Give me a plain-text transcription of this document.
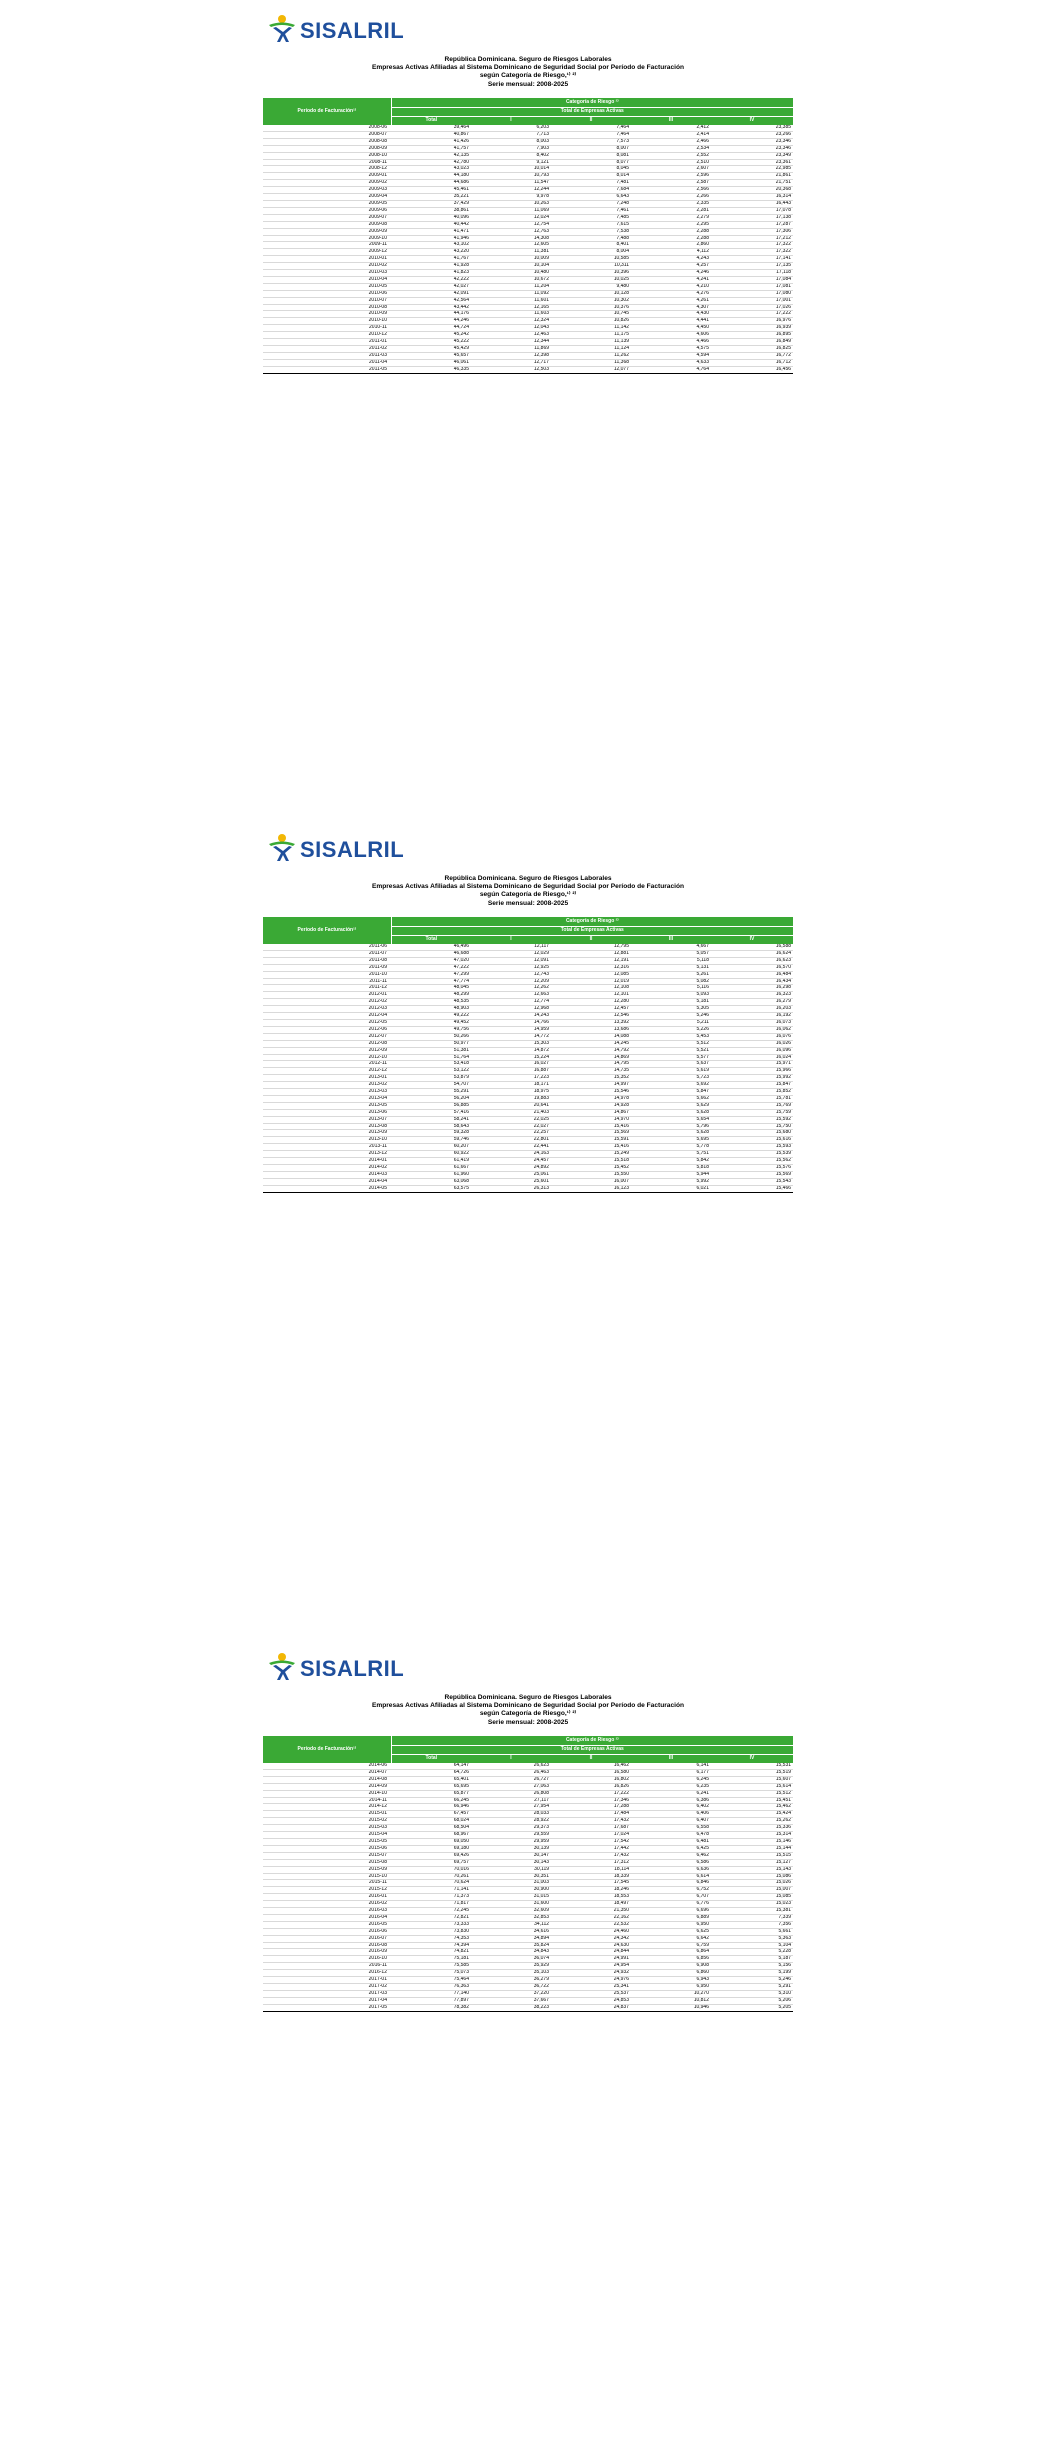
SISALRIL
República Dominicana. Seguro de Riesgos Laborales
Empresas Activas Afiliadas al Sistema Dominicano de Seguridad Social por Período de Facturación
según Categoría de Riesgo,¹⁾ ²⁾
Serie mensual: 2008-2025
Período de Facturación¹⁾	Categoría de Riesgo ²⁾				
	Total de Empresas Activas				
	Total	I	II	III	IV
2008-06	39,464	6,203	7,464	2,412	23,385
2008-07	40,867	7,713	7,464	2,414	23,266
2008-08	41,426	8,003	7,573	2,466	23,346
2008-09	41,757	7,903	8,007	2,534	23,346
2008-10	42,135	8,402	8,081	2,552	23,349
2008-11	42,780	9,121	8,077	2,510	23,361
2008-12	43,023	10,014	8,045	2,607	22,985
2009-01	44,180	10,793	8,014	2,596	21,861
2009-02	44,686	11,547	7,481	2,587	21,751
2009-03	45,461	12,244	7,684	2,566	20,368
2009-04	35,221	9,978	6,643	2,266	16,314
2009-05	37,429	10,263	7,248	2,335	16,443
2009-06	38,861	11,069	7,461	2,281	17,078
2009-07	40,096	12,024	7,485	2,279	17,138
2009-08	40,442	12,754	7,615	2,295	17,287
2009-09	41,471	12,763	7,538	2,288	17,306
2009-10	41,946	14,308	7,488	2,288	17,212
2009-11	43,102	12,605	8,401	2,860	17,322
2009-12	43,220	11,381	8,004	4,112	17,322
2010-01	41,767	10,009	10,585	4,243	17,141
2010-02	41,928	10,104	10,311	4,257	17,135
2010-03	41,823	10,480	10,396	4,246	17,118
2010-04	42,222	10,672	10,025	4,241	17,084
2010-05	42,027	11,204	9,480	4,210	17,081
2010-06	42,091	11,092	10,128	4,276	17,080
2010-07	42,564	11,601	10,302	4,261	17,001
2010-08	43,442	12,165	10,376	4,307	17,026
2010-09	44,176	11,603	10,745	4,430	17,222
2010-10	44,246	12,324	10,826	4,441	16,976
2010-11	44,724	12,043	11,142	4,450	16,939
2010-12	45,242	12,463	11,175	4,606	16,895
2011-01	45,222	12,344	11,139	4,466	16,849
2011-02	45,429	11,869	11,124	4,575	16,825
2011-03	45,657	12,398	11,262	4,594	16,772
2011-04	46,061	12,717	11,368	4,633	16,712
2011-05	46,335	12,503	12,077	4,764	16,456
SISALRIL
República Dominicana. Seguro de Riesgos Laborales
Empresas Activas Afiliadas al Sistema Dominicano de Seguridad Social por Período de Facturación
según Categoría de Riesgo,¹⁾ ²⁾
Serie mensual: 2008-2025
Período de Facturación¹⁾	Categoría de Riesgo ²⁾				
	Total de Empresas Activas				
	Total	I	II	III	IV
2011-06	46,496	12,117	12,795	4,667	16,588
2011-07	46,688	12,029	12,881	5,057	16,624
2011-08	47,020	12,091	12,191	5,118	16,623
2011-09	47,222	12,925	12,316	5,131	16,570
2011-10	47,299	12,743	12,085	5,261	16,484
2011-11	47,774	12,209	12,019	5,082	16,434
2011-12	48,045	12,262	12,108	5,116	16,298
2012-01	48,299	12,663	12,101	5,093	16,323
2012-02	48,535	12,774	12,280	5,181	16,279
2012-03	48,903	12,968	12,457	5,305	16,203
2012-04	49,222	14,243	12,546	5,246	16,192
2012-05	49,452	14,766	13,392	5,211	16,073
2012-06	49,756	14,959	13,686	5,226	16,062
2012-07	50,266	14,772	14,088	5,453	16,076
2012-08	50,977	15,303	14,245	5,512	16,026
2012-09	51,381	14,872	14,792	5,521	16,096
2012-10	51,764	15,224	14,869	5,577	16,024
2012-11	53,418	16,027	14,795	5,637	15,971
2012-12	53,122	16,887	14,735	5,619	15,966
2013-01	53,879	17,223	15,352	5,723	15,992
2013-02	54,707	18,171	14,997	5,692	15,847
2013-03	55,291	18,975	15,546	5,847	15,852
2013-04	56,204	19,883	14,978	5,662	15,781
2013-05	56,885	20,641	14,928	5,629	15,769
2013-06	57,416	21,403	14,867	5,628	15,759
2013-07	58,241	22,025	14,970	5,654	15,592
2013-08	58,643	22,027	15,416	5,796	15,750
2013-09	59,328	22,257	15,569	5,628	15,680
2013-10	59,746	22,801	15,591	5,695	15,616
2013-11	60,207	22,441	15,416	5,778	15,593
2013-12	60,922	24,163	15,249	5,751	15,539
2014-01	61,419	24,457	15,518	5,842	15,562
2014-02	61,667	24,892	15,452	5,818	15,576
2014-03	61,960	25,061	15,550	5,944	15,569
2014-04	63,068	25,601	16,007	5,992	15,543
2014-05	63,575	26,313	16,123	6,021	15,466
SISALRIL
República Dominicana. Seguro de Riesgos Laborales
Empresas Activas Afiliadas al Sistema Dominicano de Seguridad Social por Período de Facturación
según Categoría de Riesgo,¹⁾ ²⁾
Serie mensual: 2008-2025
Período de Facturación¹⁾	Categoría de Riesgo ²⁾				
	Total de Empresas Activas				
	Total	I	II	III	IV
2014-06	64,147	26,623	16,462	6,141	15,531
2014-07	64,726	26,463	16,580	6,177	15,519
2014-08	65,401	26,727	16,802	6,245	15,607
2014-09	65,695	27,063	16,826	6,235	15,614
2014-10	65,877	26,808	17,222	6,241	15,512
2014-11	66,245	27,117	17,346	6,386	15,451
2014-12	66,946	27,954	17,288	6,402	15,462
2015-01	67,457	28,033	17,484	6,406	15,424
2015-02	68,024	28,922	17,432	6,407	15,262
2015-03	68,504	29,373	17,687	6,558	15,336
2015-04	68,967	29,559	17,024	6,478	15,314
2015-05	69,050	29,959	17,542	6,481	15,146
2015-06	69,180	30,139	17,442	6,425	15,144
2015-07	69,426	30,147	17,432	6,462	15,515
2015-08	69,757	30,143	17,312	6,586	15,127
2015-09	70,016	30,119	18,114	6,636	15,143
2015-10	70,261	30,351	18,339	6,614	15,086
2015-11	70,624	31,003	17,545	6,846	15,026
2015-12	71,141	30,900	18,246	6,752	15,007
2016-01	71,373	31,015	18,553	6,707	15,085
2016-02	71,817	31,600	18,497	6,776	15,023
2016-03	72,245	32,609	21,350	6,696	15,381
2016-04	72,821	32,853	22,162	6,889	7,339
2016-05	73,333	34,112	22,532	6,950	7,356
2016-06	73,830	34,616	24,460	6,625	5,661
2016-07	74,353	34,894	24,342	6,642	5,363
2016-08	74,394	35,824	24,630	6,759	5,104
2016-09	74,821	34,843	24,844	6,864	5,228
2016-10	75,181	36,074	24,991	6,856	5,187
2016-11	75,585	35,929	24,954	6,908	5,156
2016-12	75,073	35,103	24,932	6,860	5,199
2017-01	75,464	36,279	24,976	6,943	5,246
2017-02	76,363	36,722	25,341	6,950	5,291
2017-03	77,140	37,220	25,537	10,270	5,310
2017-04	77,897	37,667	24,853	10,812	5,206
2017-05	78,382	38,223	24,837	10,946	5,205
